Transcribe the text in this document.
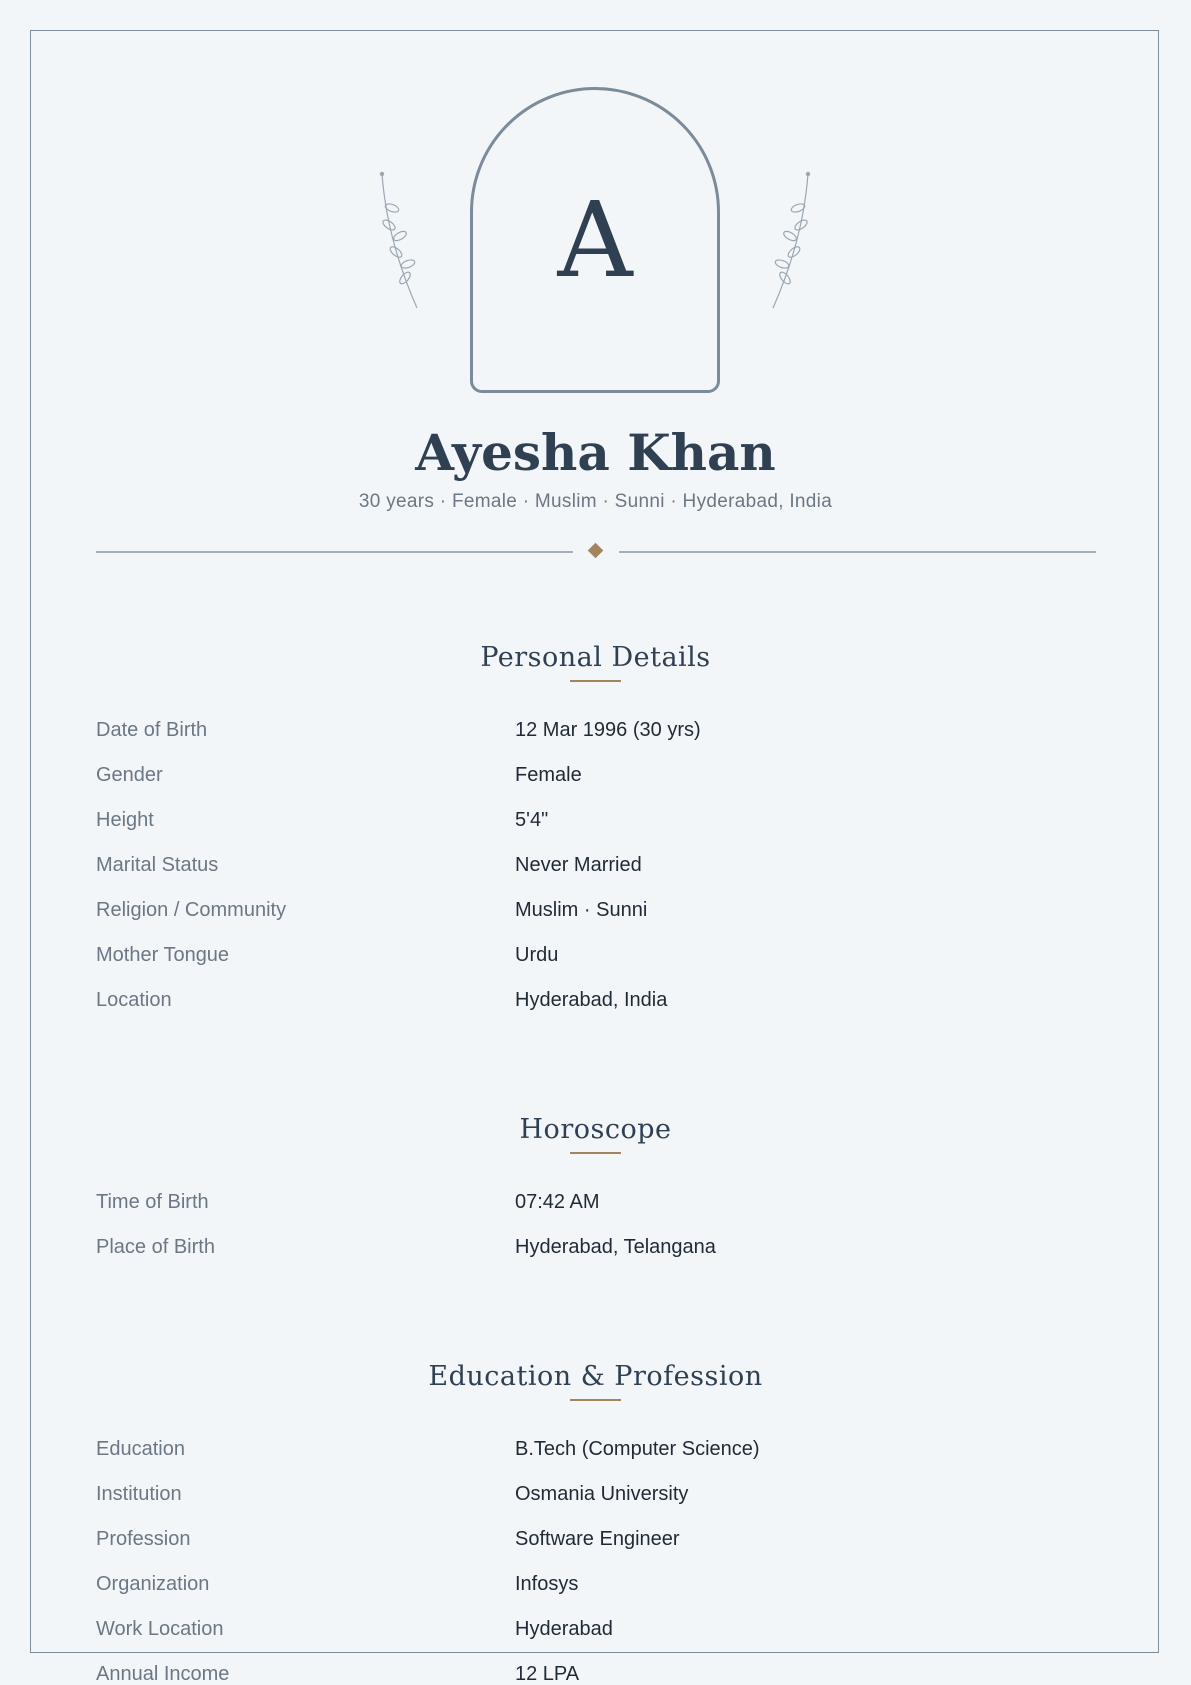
A
Ayesha Khan
30 years · Female · Muslim · Sunni · Hyderabad, India
Personal Details
Date of Birth	12 Mar 1996 (30 yrs)
Gender	Female
Height	5'4"
Marital Status	Never Married
Religion / Community	Muslim · Sunni
Mother Tongue	Urdu
Location	Hyderabad, India
Horoscope
Time of Birth	07:42 AM
Place of Birth	Hyderabad, Telangana
Education & Profession
Education	B.Tech (Computer Science)
Institution	Osmania University
Profession	Software Engineer
Organization	Infosys
Work Location	Hyderabad
Annual Income	12 LPA
